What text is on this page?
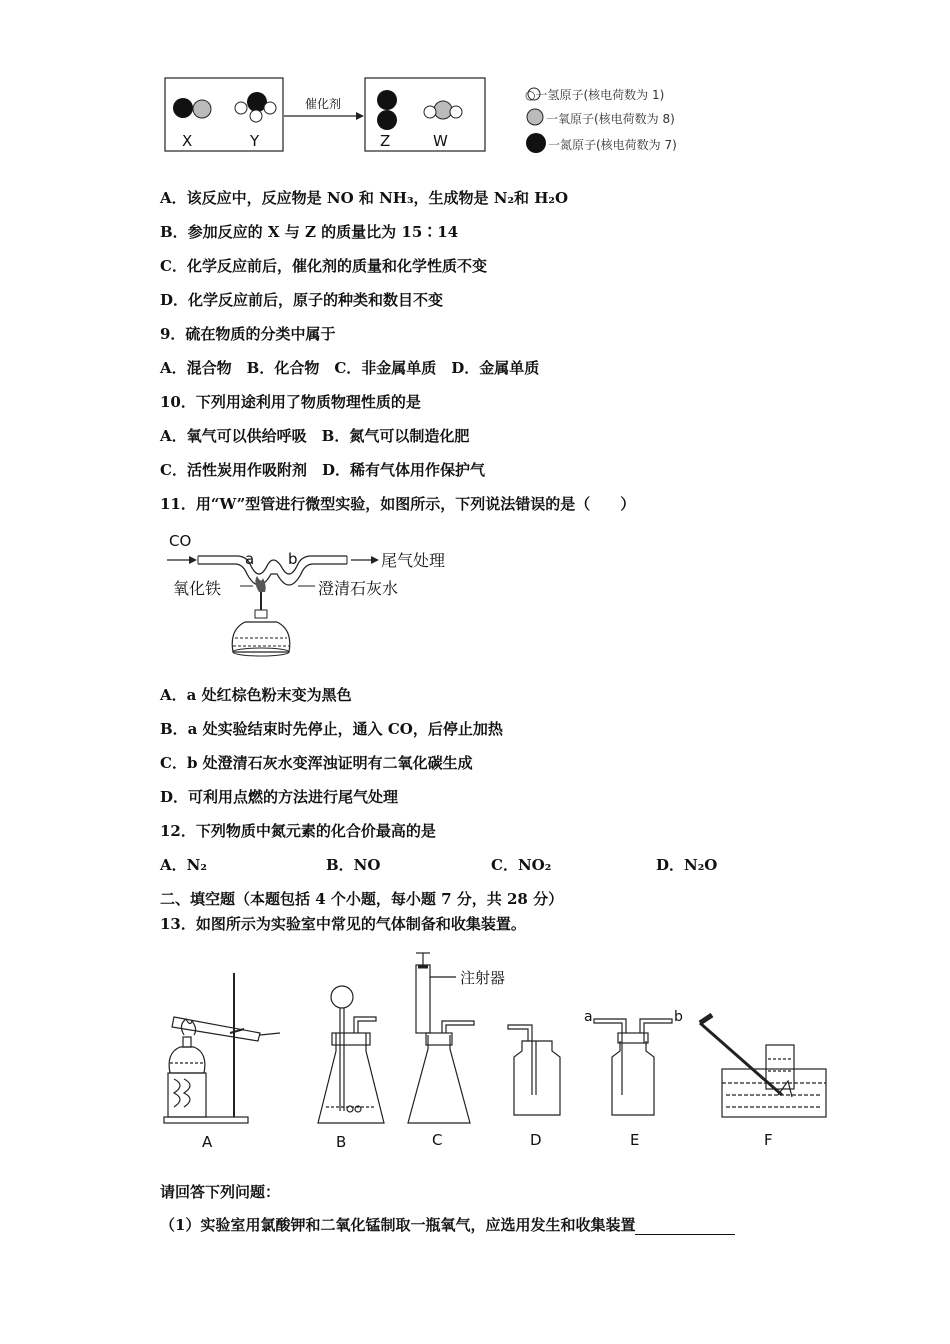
X	Y	Z	W
催化剂
○一氢原子(核电荷数为 1)
一氧原子(核电荷数为 8)
一氮原子(核电荷数为 7)
A．该反应中，反应物是 NO 和 NH₃，生成物是 N₂和 H₂O
B．参加反应的 X 与 Z 的质量比为 15∶14
C．化学反应前后，催化剂的质量和化学性质不变
D．化学反应前后，原子的种类和数目不变
9．硫在物质的分类中属于
A．混合物　B．化合物　C．非金属单质　D．金属单质
10．下列用途利用了物质物理性质的是
A．氧气可以供给呼吸　B．氮气可以制造化肥
C．活性炭用作吸附剂　D．稀有气体用作保护气
11．用“W”型管进行微型实验，如图所示，下列说法错误的是（　　）
CO
a b	尾气处理
氧化铁	澄清石灰水
A．a 处红棕色粉末变为黑色
B．a 处实验结束时先停止，通入 CO，后停止加热
C．b 处澄清石灰水变浑浊证明有二氧化碳生成
D．可利用点燃的方法进行尾气处理
12．下列物质中氮元素的化合价最高的是
A．N₂	B．NO	C．NO₂	D．N₂O
二、填空题（本题包括 4 个小题，每小题 7 分，共 28 分）
13．如图所示为实验室中常见的气体制备和收集装置。
注射器
a	b
A	B	C	D	E	F
请回答下列问题：
（1）实验室用氯酸钾和二氧化锰制取一瓶氧气，应选用发生和收集装置
